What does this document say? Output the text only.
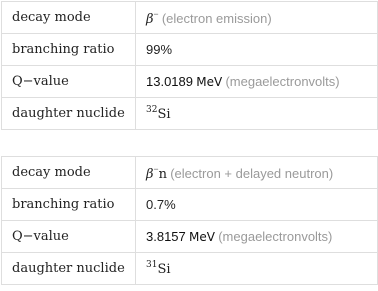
decay mode	β− (electron emission)
branching ratio	99%
Q−value	13.0189 MeV (megaelectronvolts)
daughter nuclide	$^{32}$Si
decay mode	β−n (electron + delayed neutron)
branching ratio	0.7%
Q−value	3.8157 MeV (megaelectronvolts)
daughter nuclide	$^{31}$Si
